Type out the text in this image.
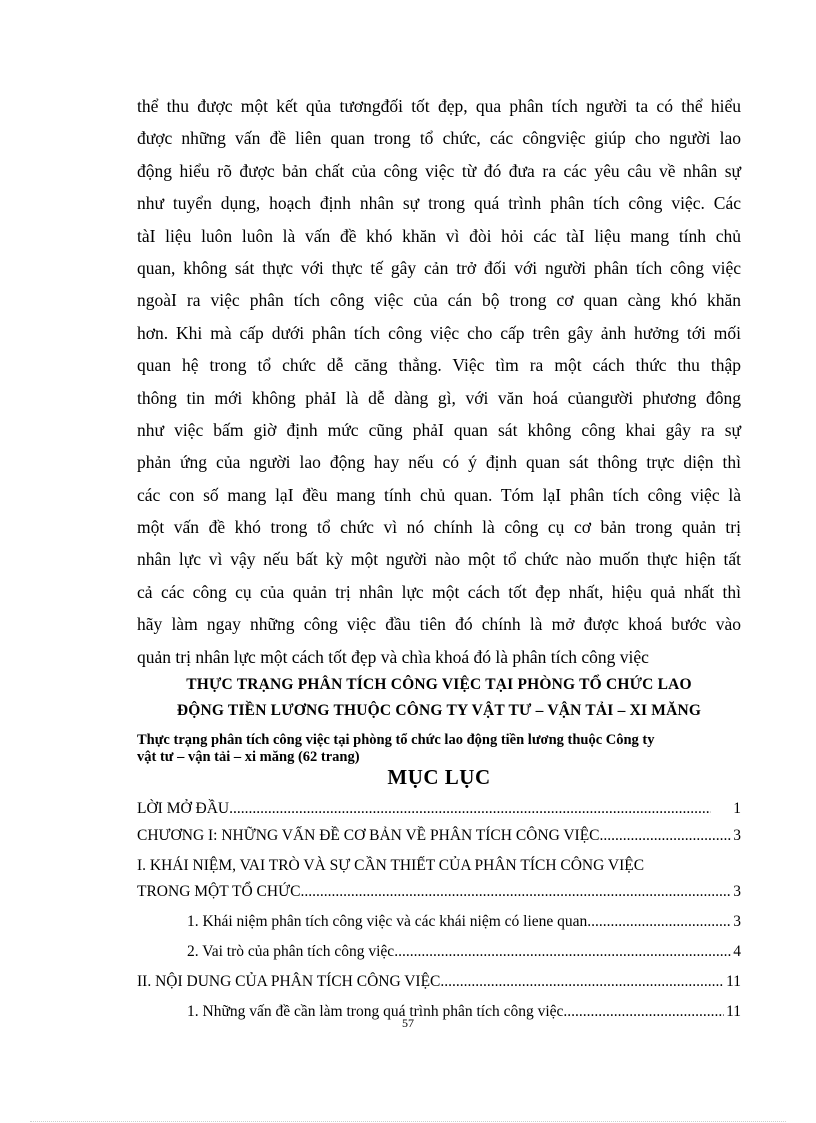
thể thu được một kết qủa tươngđối tốt đẹp, qua phân tích người ta có thể hiểu
được những vấn đề liên quan trong tổ chức, các côngviệc giúp cho người lao
động hiểu rõ được bản chất của công việc từ đó đưa ra các yêu câu về nhân sự
như tuyển dụng, hoạch định nhân sự trong quá trình phân tích công việc. Các
tàI liệu luôn luôn là vấn đề khó khăn vì đòi hỏi các tàI liệu mang tính chủ
quan, không sát thực với thực tế gây cản trở đối với người phân tích công việc
ngoàI ra việc phân tích công việc của cán bộ trong cơ quan càng khó khăn
hơn. Khi mà cấp dưới phân tích công việc cho cấp trên gây ảnh hưởng tới mối
quan hệ trong tổ chức dễ căng thẳng. Việc tìm ra một cách thức thu thập
thông tin mới không phảI là dễ dàng gì, với văn hoá củangười phương đông
như việc bấm giờ định mức cũng phảI quan sát không công khai gây ra sự
phản ứng của người lao động hay nếu có ý định quan sát thông trực diện thì
các con số mang lạI đều mang tính chủ quan. Tóm lạI phân tích công việc là
một vấn đề khó trong tổ chức vì nó chính là công cụ cơ bản trong quản trị
nhân lực vì vậy nếu bất kỳ một người nào một tổ chức nào muốn thực hiện tất
cả các công cụ của quản trị nhân lực một cách tốt đẹp nhất, hiệu quả nhất thì
hãy làm ngay những công việc đầu tiên đó chính là mở được khoá bước vào
quản trị nhân lực một cách tốt đẹp và chìa khoá đó là phân tích công việc
THỰC TRẠNG PHÂN TÍCH CÔNG VIỆC TẠI PHÒNG TỔ CHỨC LAO
ĐỘNG TIỀN LƯƠNG THUỘC CÔNG TY VẬT TƯ – VẬN TẢI – XI MĂNG
Thực trạng phân tích công việc tại phòng tổ chức lao động tiền lương thuộc Công ty
vật tư – vận tải – xi măng (62 trang)
MỤC LỤC
LỜI MỞ ĐẦU .....	1
CHƯƠNG I: NHỮNG VẤN ĐỀ CƠ BẢN VỀ PHÂN TÍCH CÔNG VIỆC .....	3
I. KHÁI NIỆM, VAI TRÒ VÀ SỰ CẦN THIẾT CỦA PHÂN TÍCH CÔNG VIỆC
TRONG MỘT TỔ CHỨC .....	3
1. Khái niệm phân tích công việc và các khái niệm có liene quan .....	3
2. Vai trò của phân tích công việc .....	4
II. NỘI DUNG CỦA PHÂN TÍCH CÔNG VIỆC .....	11
1. Những vấn đề cần làm trong quá trình phân tích công việc .....	11
57
